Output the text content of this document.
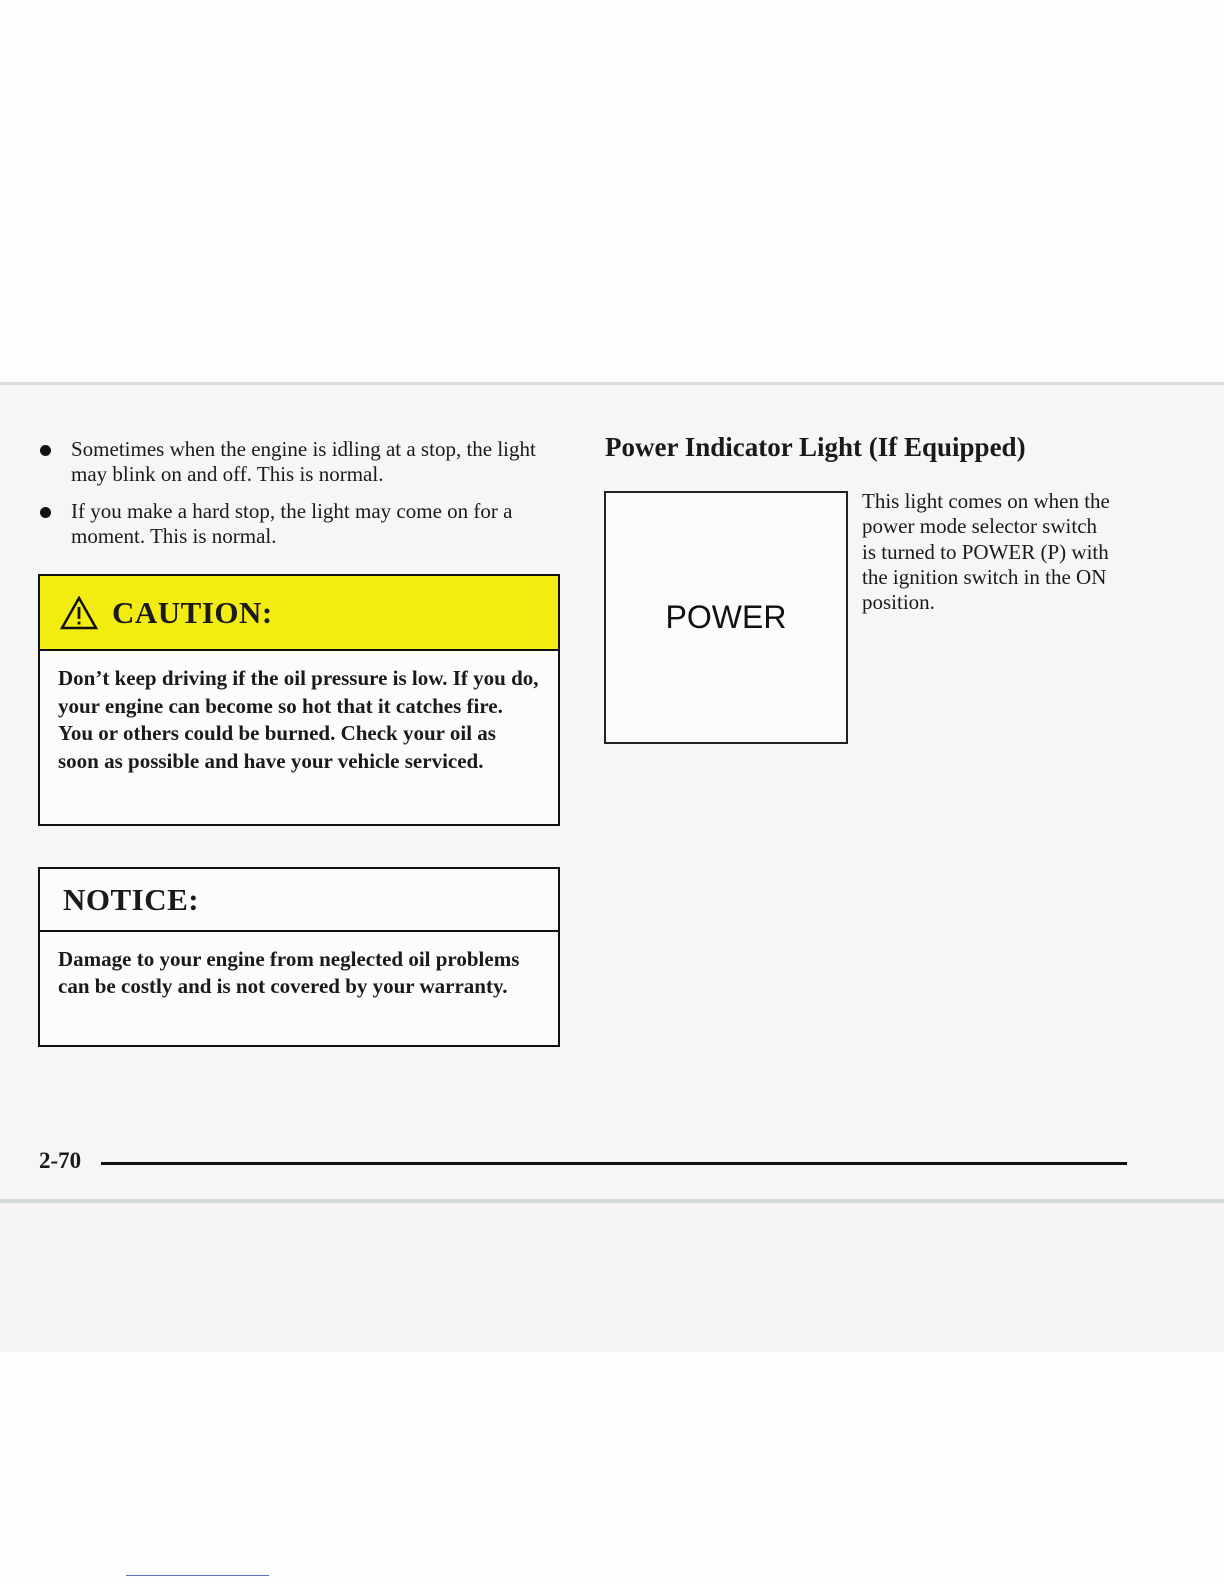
Sometimes when the engine is idling at a stop, the light may blink on and off. This is normal.
If you make a hard stop, the light may come on for a moment. This is normal.
CAUTION:
Don’t keep driving if the oil pressure is low. If you do, your engine can become so hot that it catches fire. You or others could be burned. Check your oil as soon as possible and have your vehicle serviced.
NOTICE:
Damage to your engine from neglected oil problems can be costly and is not covered by your warranty.
Power Indicator Light (If Equipped)
POWER

This light comes on when the power mode selector switch is turned to POWER (P) with the ignition switch in the ON position.

2-70
